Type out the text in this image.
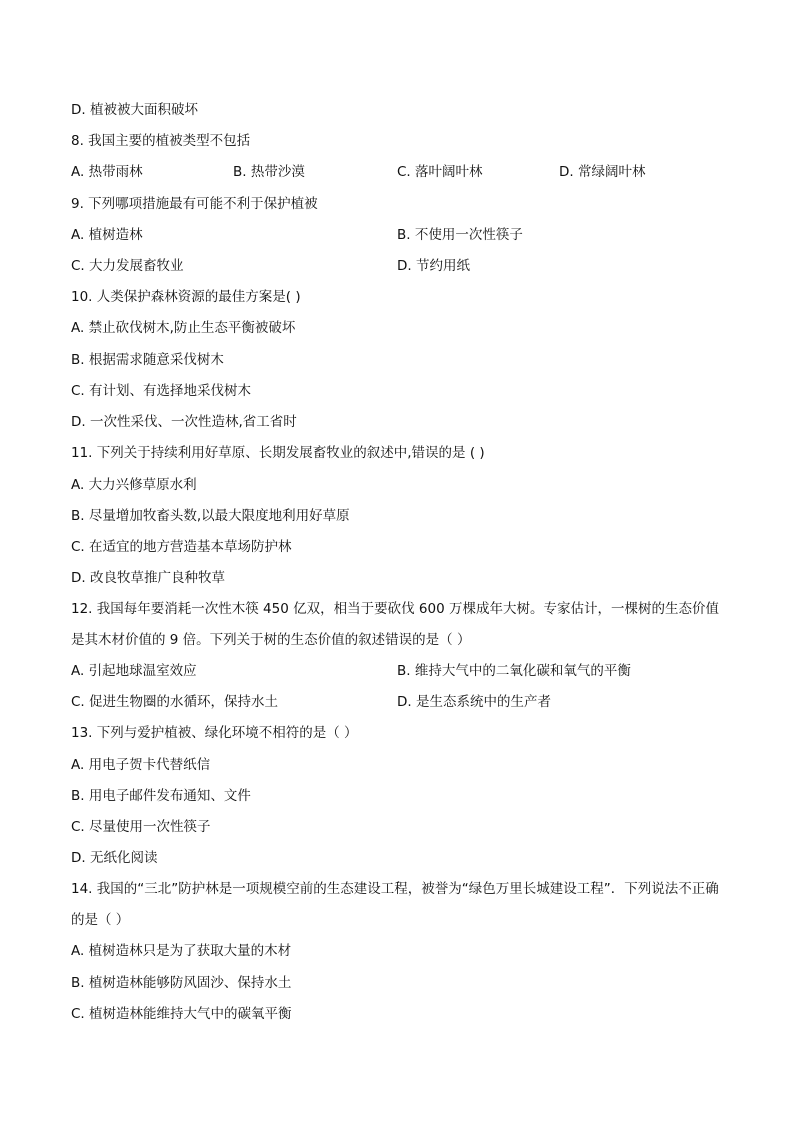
D. 植被被大面积破坏
8. 我国主要的植被类型不包括
A. 热带雨林	B. 热带沙漠	C. 落叶阔叶林	D. 常绿阔叶林
9. 下列哪项措施最有可能不利于保护植被
A. 植树造林	B. 不使用一次性筷子
C. 大力发展畜牧业	D. 节约用纸
10. 人类保护森林资源的最佳方案是( )
A. 禁止砍伐树木,防止生态平衡被破坏
B. 根据需求随意采伐树木
C. 有计划、有选择地采伐树木
D. 一次性采伐、一次性造林,省工省时
11. 下列关于持续利用好草原、长期发展畜牧业的叙述中,错误的是 ( )
A. 大力兴修草原水利
B. 尽量增加牧畜头数,以最大限度地利用好草原
C. 在适宜的地方营造基本草场防护林
D. 改良牧草推广良种牧草
12. 我国每年要消耗一次性木筷 450 亿双，相当于要砍伐 600 万棵成年大树。专家估计，一棵树的生态价值是其木材价值的 9 倍。下列关于树的生态价值的叙述错误的是（ ）
A. 引起地球温室效应	B. 维持大气中的二氧化碳和氧气的平衡
C. 促进生物圈的水循环，保持水土	D. 是生态系统中的生产者
13. 下列与爱护植被、绿化环境不相符的是（ ）
A. 用电子贺卡代替纸信
B. 用电子邮件发布通知、文件
C. 尽量使用一次性筷子
D. 无纸化阅读
14. 我国的“三北”防护林是一项规模空前的生态建设工程，被誉为“绿色万里长城建设工程”．下列说法不正确的是（ ）
A. 植树造林只是为了获取大量的木材
B. 植树造林能够防风固沙、保持水土
C. 植树造林能维持大气中的碳氧平衡
